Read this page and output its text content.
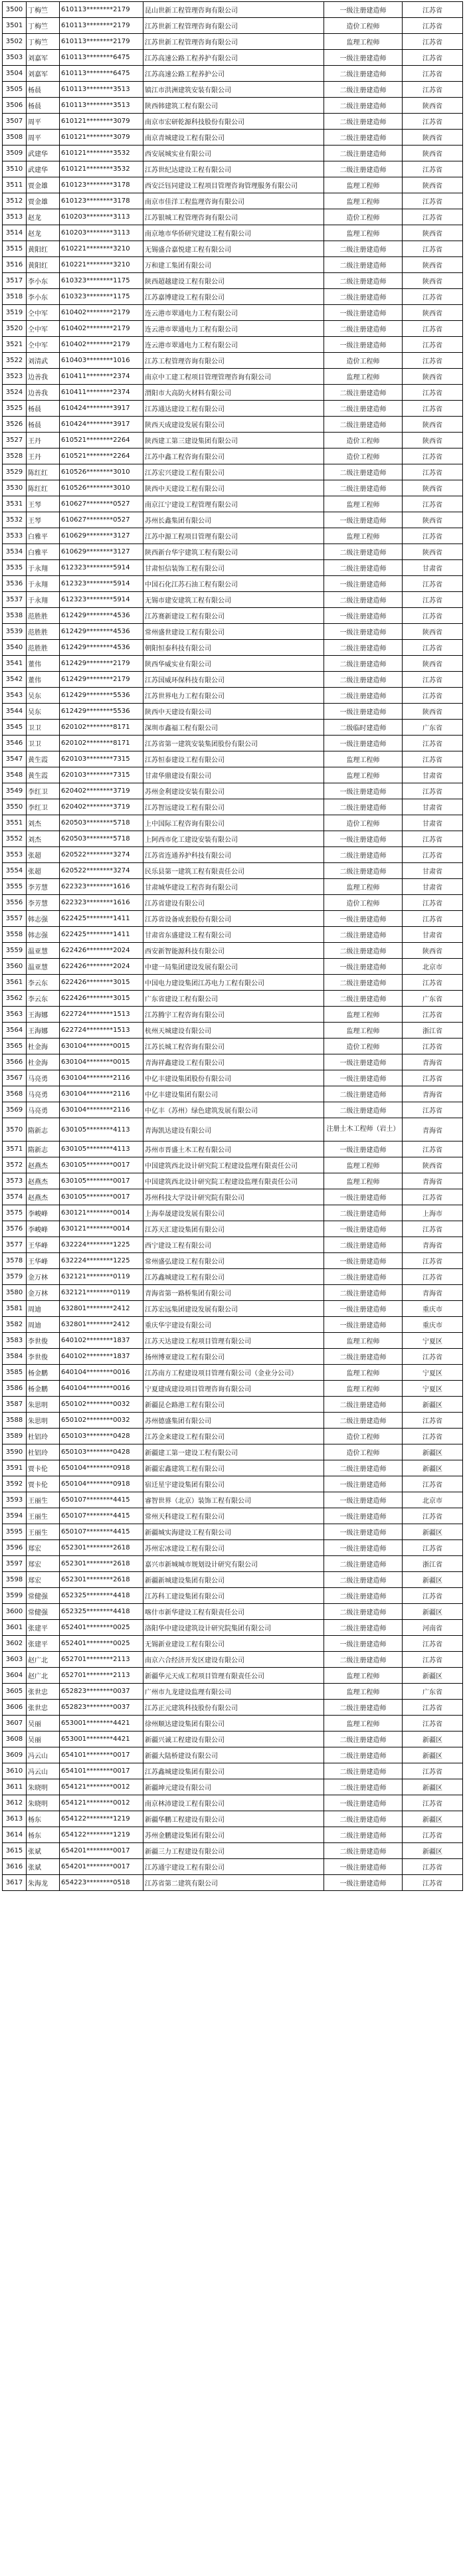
3500	丁梅竺	610113********2179	昆山世新工程管理咨询有限公司	一级注册建造师	江苏省
3501	丁梅竺	610113********2179	江苏世新工程管理咨询有限公司	造价工程师	江苏省
3502	丁梅竺	610113********2179	江苏世新工程管理咨询有限公司	监理工程师	江苏省
3503	刘嘉军	610113********6475	江苏高速公路工程养护有限公司	一级注册建造师	江苏省
3504	刘嘉军	610113********6475	江苏高速公路工程养护公司	二级注册建造师	江苏省
3505	杨晨	610113********3513	镇江市洪洲建筑安装有限公司	二级注册建造师	江苏省
3506	杨晨	610113********3513	陕西韩建筑工程有限公司	二级注册建造师	陕西省
3507	周平	610121********3079	南京市宏研乾源科技股份有限公司	二级注册建造师	江苏省
3508	周平	610121********3079	南京青城建设工程有限公司	二级注册建造师	陕西省
3509	武建华	610121********3532	西安展城实业有限公司	二级注册建造师	陕西省
3510	武建华	610121********3532	江苏世纪达建设工程有限公司	二级注册建造师	江苏省
3511	贾金雄	610123********3178	西安泛钰同建设工程项目管理咨询管理服务有限公司	监理工程师	陕西省
3512	贾金雄	610123********3178	南京市佳洋工程监理咨询有限公司	监理工程师	江苏省
3513	赵龙	610203********3113	江苏银城工程管理咨询有限公司	造价工程师	江苏省
3514	赵龙	610203********3113	南京地市华侨研究建设工程有限公司	监理工程师	陕西省
3515	黄阳红	610221********3210	无锡盛合嘉悦建工程有限公司	二级注册建造师	江苏省
3516	黄阳红	610221********3210	万和建工集团有限公司	二级注册建造师	陕西省
3517	李小东	610323********1175	陕西超越建设工程有限公司	二级注册建造师	陕西省
3518	李小东	610323********1175	江苏嘉博建设工程有限公司	二级注册建造师	江苏省
3519	仝中军	610402********2179	连云港市翠通电力工程有限公司	一级注册建造师	陕西省
3520	仝中军	610402********2179	连云港市翠通电力工程有限公司	二级注册建造师	江苏省
3521	仝中军	610402********2179	连云港市翠通电力工程有限公司	一级注册建造师	江苏省
3522	刘清武	610403********1016	江苏工程管理咨询有限公司	造价工程师	江苏省
3523	边善我	610411********2374	南京中工建工程项目管理管理咨询有限公司	监理工程师	陕西省
3524	边善我	610411********2374	渭阳市大高防火材料有限公司	二级注册建造师	江苏省
3525	杨晨	610424********3917	江苏通达建设工程有限公司	二级注册建造师	江苏省
3526	杨晨	610424********3917	陕西天成建设发展有限公司	二级注册建造师	陕西省
3527	王丹	610521********2264	陕西建工第三建设集团有限公司	造价工程师	陕西省
3528	王丹	610521********2264	江苏中鑫工程咨询有限公司	造价工程师	江苏省
3529	陈红红	610526********3010	江苏宏兴建设工程有限公司	二级注册建造师	江苏省
3530	陈红红	610526********3010	陕西中天建设工程有限公司	二级注册建造师	陕西省
3531	王琴	610627********0527	南京江宁建设工程管理有限公司	监理工程师	江苏省
3532	王琴	610627********0527	苏州长鑫集团有限公司	一级注册建造师	陕西省
3533	白雅平	610629********3127	江苏中源工程项目管理有限公司	监理工程师	江苏省
3534	白雅平	610629********3127	陕西新台华宇建筑工程有限公司	二级注册建造师	陕西省
3535	于永翔	612323********5914	甘肃恒信装饰工程有限公司	二级注册建造师	甘肃省
3536	于永翔	612323********5914	中国石化江苏石油工程有限公司	一级注册建造师	江苏省
3537	于永翔	612323********5914	无锡市建安建筑工程有限公司	二级注册建造师	江苏省
3538	范胜胜	612429********4536	江苏赛新建设工程有限公司	一级注册建造师	江苏省
3539	范胜胜	612429********4536	常州盛世建设工程有限公司	一级注册建造师	陕西省
3540	范胜胜	612429********4536	朝阳恒泰科技有限公司	二级注册建造师	江苏省
3541	董伟	612429********2179	陕西华威实业有限公司	二级注册建造师	陕西省
3542	董伟	612429********2179	江苏国威环保科技有限公司	二级注册建造师	江苏省
3543	吴东	612429********5536	江苏世界电力工程有限公司	二级注册建造师	江苏省
3544	吴东	612429********5536	陕西中天建设有限公司	一级注册建造师	陕西省
3545	卫卫	620102********8171	深圳市鑫福工程有限公司	二级临时建造师	广东省
3546	卫卫	620102********8171	江苏省第一建筑安装集团股份有限公司	一级注册建造师	江苏省
3547	黄生霞	620103********7315	江苏恒泰建设工程有限公司	监理工程师	江苏省
3548	黄生霞	620103********7315	甘肃华鼎建设有限公司	监理工程师	甘肃省
3549	李红卫	620402********3719	苏州金利建设安装有限公司	一级注册建造师	江苏省
3550	李红卫	620402********3719	江苏智远建设工程有限公司	二级注册建造师	甘肃省
3551	刘杰	620503********5718	上中国际工程咨询有限公司	造价工程师	甘肃省
3552	刘杰	620503********5718	上阿西市化工建设安装有限公司	一级注册建造师	江苏省
3553	张超	620522********3274	江苏省连通养护科技有限公司	二级注册建造师	江苏省
3554	张超	620522********3274	民乐县第一建筑工程有限责任公司	二级注册建造师	甘肃省
3555	李芳慧	622323********1616	甘肃城华建设工程咨询有限公司	监理工程师	甘肃省
3556	李芳慧	622323********1616	江苏省建设有限公司	造价工程师	江苏省
3557	韩志强	622425********1411	江苏省设备成套股份有限公司	一级注册建造师	江苏省
3558	韩志强	622425********1411	甘肃省东盛建设工程有限公司	二级注册建造师	甘肃省
3559	温亚慧	622426********2024	西安新智能源科技有限公司	二级注册建造师	陕西省
3560	温亚慧	622426********2024	中建一局集团建设发展有限公司	一级注册建造师	北京市
3561	李云东	622426********3015	中国电力建设集团江苏电力工程有限公司	二级注册建造师	江苏省
3562	李云东	622426********3015	广东省建设工程有限公司	二级注册建造师	广东省
3563	王海娜	622724********1513	江苏腾宇工程咨询有限公司	监理工程师	江苏省
3564	王海娜	622724********1513	杭州天城建设有限公司	监理工程师	浙江省
3565	杜金海	630104********0015	江苏长城工程咨询有限公司	造价工程师	江苏省
3566	杜金海	630104********0015	青海祥鑫建设工程有限公司	一级注册建造师	青海省
3567	马亮勇	630104********2116	中亿丰建设集团股份有限公司	一级注册建造师	江苏省
3568	马亮勇	630104********2116	中亿丰建设集团有限公司	二级注册建造师	青海省
3569	马亮勇	630104********2116	中亿丰（苏州）绿色建筑发展有限公司	二级注册建造师	江苏省
3570	隋新志	630105********4113	青海凯达建设有限公司	注册土木工程师（岩土）	青海省
3571	隋新志	630105********4113	苏州市晋盛土木工程有限公司	一级注册建造师	江苏省
3572	赵燕杰	630105********0017	中国建筑西北设计研究院工程建设监理有限责任公司	监理工程师	陕西省
3573	赵燕杰	630105********0017	中国建筑西北设计研究院工程建设监理有限责任公司	监理工程师	青海省
3574	赵燕杰	630105********0017	苏州科技大学设计研究院有限公司	一级注册建造师	江苏省
3575	李峻峰	630121********0014	上海奉晟建设发展有限公司	二级注册建造师	上海市
3576	李峻峰	630121********0014	江苏天汇建设集团有限公司	一级注册建造师	江苏省
3577	王华峰	632224********1225	西宁建设工程有限公司	二级注册建造师	青海省
3578	王华峰	632224********1225	常州盛弘建设工程有限公司	一级注册建造师	江苏省
3579	金万林	632121********0119	江苏鑫城建设工程有限公司	二级注册建造师	江苏省
3580	金万林	632121********0119	青海省第一路桥集团有限公司	二级注册建造师	青海省
3581	周迪	632801********2412	江苏宏远集团建设发展有限公司	一级注册建造师	重庆市
3582	周迪	632801********2412	重庆华宇建设有限公司	一级注册建造师	重庆市
3583	李世俊	640102********1837	江苏天达建设工程项目管理有限公司	监理工程师	宁夏区
3584	李世俊	640102********1837	扬州博亚建设工程有限公司	二级注册建造师	江苏省
3585	杨金鹏	640104********0016	江苏南方工程建设项目管理有限公司（金业分公司）	监理工程师	宁夏区
3586	杨金鹏	640104********0016	宁夏建成建设项目管理咨询有限公司	监理工程师	宁夏区
3587	朱思明	650102********0032	新疆昆仑路港工程有限公司	二级注册建造师	新疆区
3588	朱思明	650102********0032	苏州德盛集团有限公司	二级注册建造师	江苏省
3589	杜铝玲	650103********0428	江苏金来建设工程有限公司	造价工程师	江苏省
3590	杜铝玲	650103********0428	新疆建工第一建设工程有限公司	造价工程师	新疆区
3591	贾卡伦	650104********0918	新疆宏鑫建筑工程有限公司	二级注册建造师	新疆区
3592	贾卡伦	650104********0918	宿迁星宇建设集团有限公司	一级注册建造师	江苏省
3593	王丽生	650107********4415	睿智世界（北京）装饰工程有限公司	一级注册建造师	北京市
3594	王丽生	650107********4415	常州天科建设工程有限公司	一级注册建造师	江苏省
3595	王丽生	650107********4415	新疆城实海建设工程有限公司	一级注册建造师	新疆区
3596	郑宏	652301********2618	苏州宏冰建设工程有限公司	一级注册建造师	江苏省
3597	郑宏	652301********2618	嘉兴市新城城市规划设计研究有限公司	二级注册建造师	浙江省
3598	郑宏	652301********2618	新疆新城建设集团有限公司	二级注册建造师	新疆区
3599	常健强	652325********4418	江苏科工建设集团有限公司	二级注册建造师	江苏省
3600	常健强	652325********4418	喀什市新华建设工程有限责任公司	二级注册建造师	新疆区
3601	张建平	652401********0025	洛阳华中建设建筑设计研究院集团有限公司	二级注册建造师	河南省
3602	张建平	652401********0025	无锡新业建设工程有限公司	一级注册建造师	江苏省
3603	赵广北	652701********2113	南京六合经济开发区建设有限公司	二级注册建造师	江苏省
3604	赵广北	652701********2113	新疆华元天成工程项目管理有限责任公司	监理工程师	新疆区
3605	张世忠	652823********0037	广州市九龙建设监理有限公司	监理工程师	广东省
3606	张世忠	652823********0037	江苏正元建筑科技股份有限公司	二级注册建造师	江苏省
3607	吴丽	653001********4421	徐州顺达建设集团有限公司	监理工程师	江苏省
3608	吴丽	653001********4421	新疆兴诚工程建设有限公司	二级注册建造师	新疆区
3609	冯云山	654101********0017	新疆大陆桥建设有限公司	二级注册建造师	新疆区
3610	冯云山	654101********0017	江苏鑫城建设集团有限公司	二级注册建造师	江苏省
3611	朱晓明	654121********0012	新疆坤元建设有限公司	二级注册建造师	新疆区
3612	朱晓明	654121********0012	南京林沛建设工程有限公司	一级注册建造师	江苏省
3613	杨东	654122********1219	新疆华鹏工程建设有限公司	二级注册建造师	新疆区
3614	杨东	654122********1219	苏州金鹏建设集团有限公司	二级注册建造师	江苏省
3615	张斌	654201********0017	新疆三力工程建设有限公司	二级注册建造师	新疆区
3616	张斌	654201********0017	江苏通宇建设工程有限公司	一级注册建造师	江苏省
3617	朱海龙	654223********0518	江苏省第二建筑有限公司	一级注册建造师	江苏省
